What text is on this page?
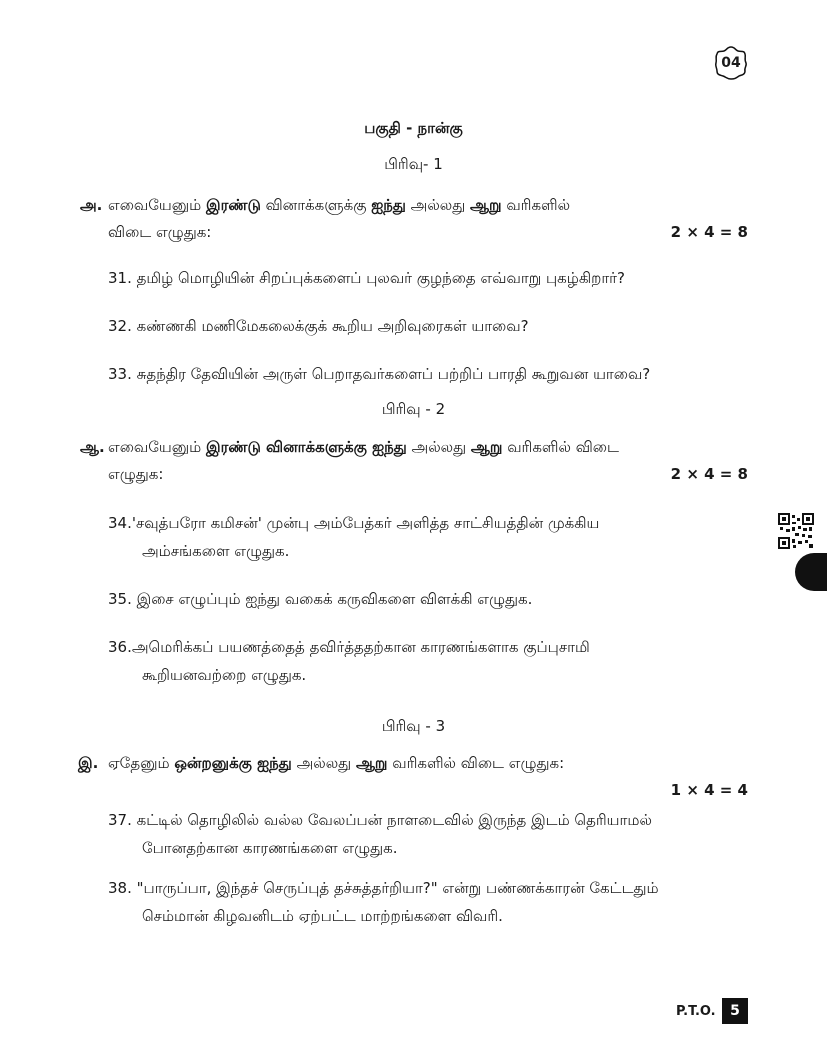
04
பகுதி - நான்கு
பிரிவு- 1
அ. எவையேனும் இரண்டு வினாக்களுக்கு ஐந்து அல்லது ஆறு வரிகளில்
விடை எழுதுக:	2 × 4 = 8
31. தமிழ் மொழியின் சிறப்புக்களைப் புலவர் குழந்தை எவ்வாறு புகழ்கிறார்?
32. கண்ணகி மணிமேகலைக்குக் கூறிய அறிவுரைகள் யாவை?
33. சுதந்திர தேவியின் அருள் பெறாதவர்களைப் பற்றிப் பாரதி கூறுவன யாவை?
பிரிவு - 2
ஆ. எவையேனும் இரண்டு வினாக்களுக்கு ஐந்து அல்லது ஆறு வரிகளில் விடை
எழுதுக:	2 × 4 = 8
34.'சவுத்பரோ கமிசன்' முன்பு அம்பேத்கர் அளித்த சாட்சியத்தின் முக்கிய
அம்சங்களை எழுதுக.
35. இசை எழுப்பும் ஐந்து வகைக் கருவிகளை விளக்கி எழுதுக.
36.அமெரிக்கப் பயணத்தைத் தவிர்த்ததற்கான காரணங்களாக குப்புசாமி
கூறியனவற்றை எழுதுக.
பிரிவு - 3
இ. ஏதேனும் ஒன்றனுக்கு ஐந்து அல்லது ஆறு வரிகளில் விடை எழுதுக:
1 × 4 = 4
37. கட்டில் தொழிலில் வல்ல வேலப்பன் நாளடைவில் இருந்த இடம் தெரியாமல்
போனதற்கான காரணங்களை எழுதுக.
38. "பாருப்பா, இந்தச் செருப்புத் தச்சுத்தர்றியா?" என்று பண்ணக்காரன் கேட்டதும்
செம்மான் கிழவனிடம் ஏற்பட்ட மாற்றங்களை விவரி.
P.T.O.	5
